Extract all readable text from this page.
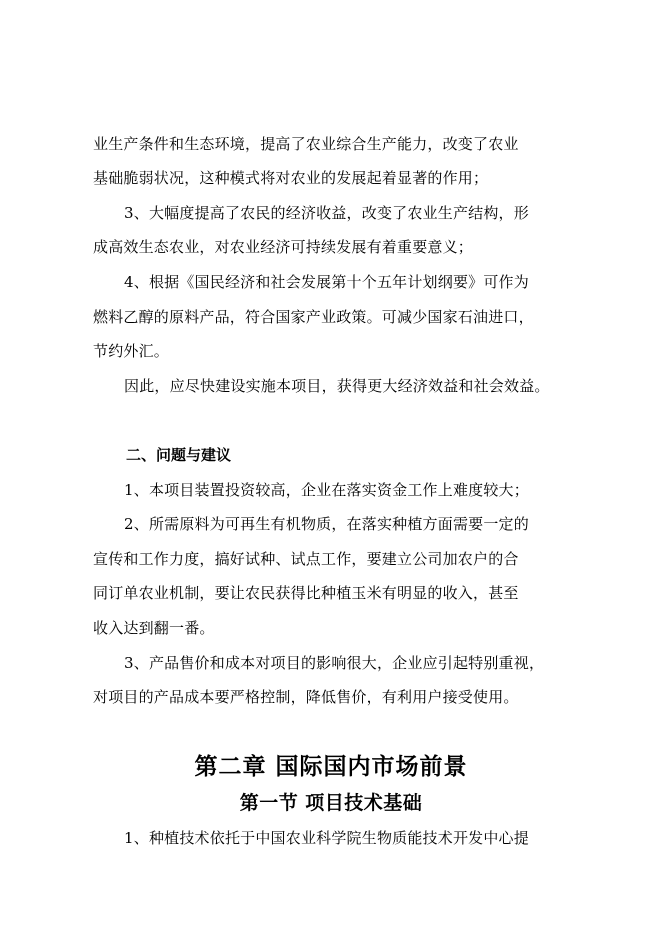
业生产条件和生态环境，提高了农业综合生产能力，改变了农业
基础脆弱状况，这种模式将对农业的发展起着显著的作用；
3、大幅度提高了农民的经济收益，改变了农业生产结构，形
成高效生态农业，对农业经济可持续发展有着重要意义；
4、根据《国民经济和社会发展第十个五年计划纲要》可作为
燃料乙醇的原料产品，符合国家产业政策。可减少国家石油进口，
节约外汇。
因此，应尽快建设实施本项目，获得更大经济效益和社会效益。
二、问题与建议
1、本项目装置投资较高，企业在落实资金工作上难度较大；
2、所需原料为可再生有机物质，在落实种植方面需要一定的
宣传和工作力度，搞好试种、试点工作，要建立公司加农户的合
同订单农业机制，要让农民获得比种植玉米有明显的收入，甚至
收入达到翻一番。
3、产品售价和成本对项目的影响很大，企业应引起特别重视，
对项目的产品成本要严格控制，降低售价，有利用户接受使用。
第二章 国际国内市场前景
第一节 项目技术基础
1、种植技术依托于中国农业科学院生物质能技术开发中心提
